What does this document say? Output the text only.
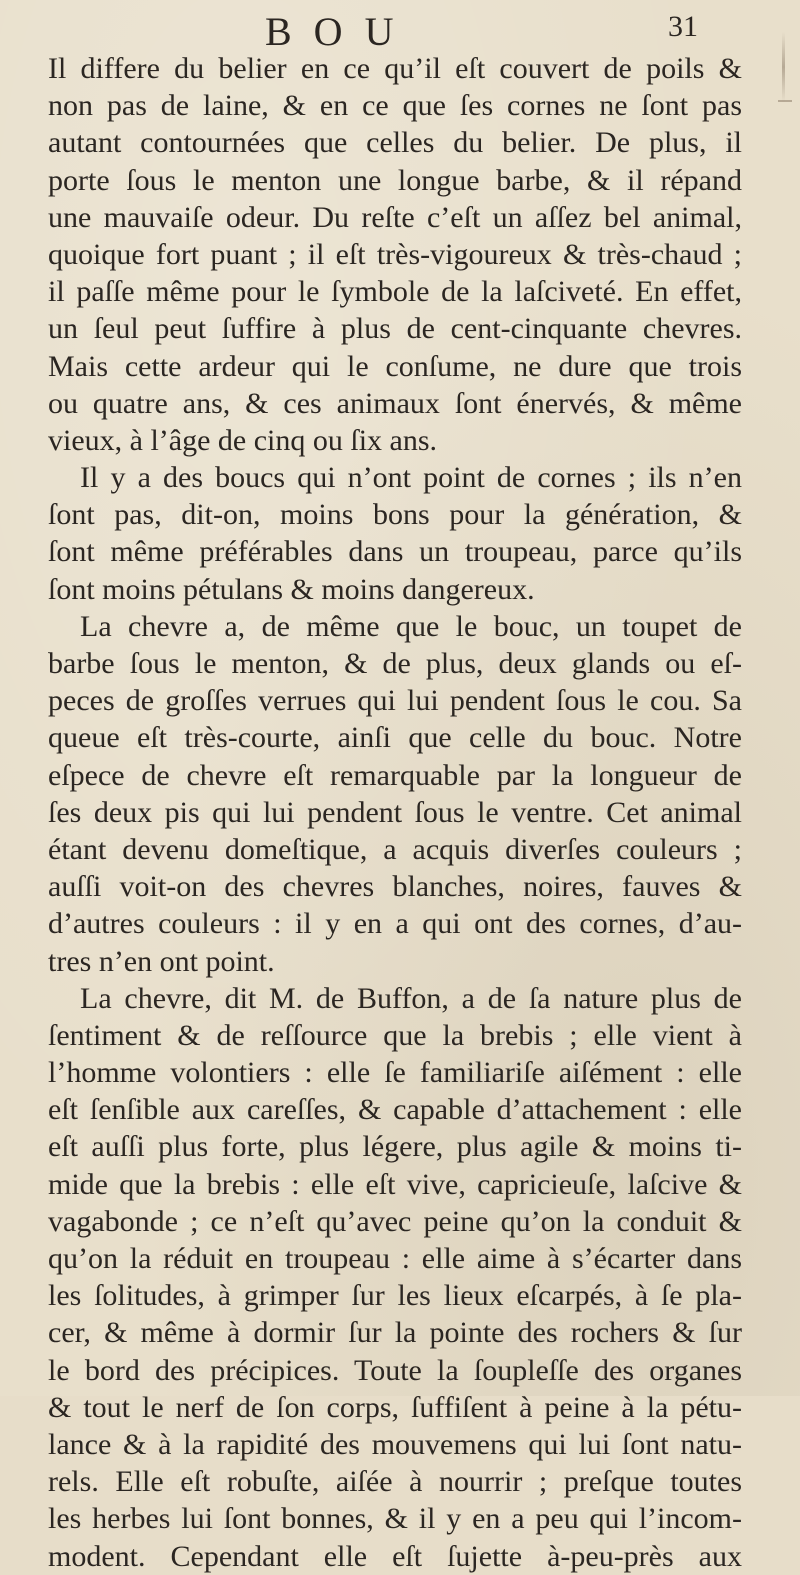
BOU	31
Il differe du belier en ce qu’il eſt couvert de poils &
non pas de laine, & en ce que ſes cornes ne ſont pas
autant contournées que celles du belier. De plus, il
porte ſous le menton une longue barbe, & il répand
une mauvaiſe odeur. Du reſte c’eſt un aſſez bel animal,
quoique fort puant ; il eſt très-vigoureux & très-chaud ;
il paſſe même pour le ſymbole de la laſciveté. En effet,
un ſeul peut ſuffire à plus de cent-cinquante chevres.
Mais cette ardeur qui le conſume, ne dure que trois
ou quatre ans, & ces animaux ſont énervés, & même
vieux, à l’âge de cinq ou ſix ans.
Il y a des boucs qui n’ont point de cornes ; ils n’en
ſont pas, dit-on, moins bons pour la génération, &
ſont même préférables dans un troupeau, parce qu’ils
ſont moins pétulans & moins dangereux.
La chevre a, de même que le bouc, un toupet de
barbe ſous le menton, & de plus, deux glands ou eſ-
peces de groſſes verrues qui lui pendent ſous le cou. Sa
queue eſt très-courte, ainſi que celle du bouc. Notre
eſpece de chevre eſt remarquable par la longueur de
ſes deux pis qui lui pendent ſous le ventre. Cet animal
étant devenu domeſtique, a acquis diverſes couleurs ;
auſſi voit-on des chevres blanches, noires, fauves &
d’autres couleurs : il y en a qui ont des cornes, d’au-
tres n’en ont point.
La chevre, dit M. de Buffon, a de ſa nature plus de
ſentiment & de reſſource que la brebis ; elle vient à
l’homme volontiers : elle ſe familiariſe aiſément : elle
eſt ſenſible aux careſſes, & capable d’attachement : elle
eſt auſſi plus forte, plus légere, plus agile & moins ti-
mide que la brebis : elle eſt vive, capricieuſe, laſcive &
vagabonde ; ce n’eſt qu’avec peine qu’on la conduit &
qu’on la réduit en troupeau : elle aime à s’écarter dans
les ſolitudes, à grimper ſur les lieux eſcarpés, à ſe pla-
cer, & même à dormir ſur la pointe des rochers & ſur
le bord des précipices. Toute la ſoupleſſe des organes
& tout le nerf de ſon corps, ſuffiſent à peine à la pétu-
lance & à la rapidité des mouvemens qui lui ſont natu-
rels. Elle eſt robuſte, aiſée à nourrir ; preſque toutes
les herbes lui ſont bonnes, & il y en a peu qui l’incom-
modent. Cependant elle eſt ſujette à-peu-près aux
